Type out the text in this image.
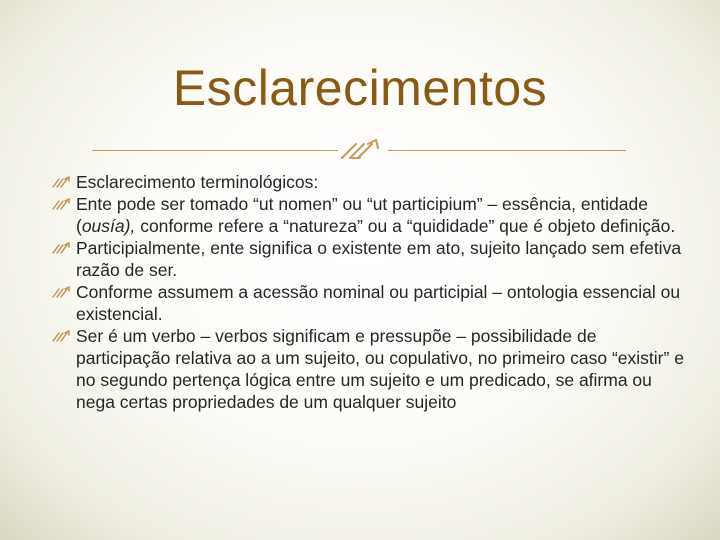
Esclarecimentos
Esclarecimento terminológicos:
Ente pode ser tomado “ut nomen” ou “ut participium” – essência, entidade (ousía), conforme refere a “natureza” ou a “quididade” que é objeto definição.
Participialmente, ente significa o existente em ato, sujeito lançado sem efetiva razão de ser.
Conforme assumem a acessão nominal ou participial – ontologia essencial ou existencial.
Ser é um verbo – verbos significam e pressupõe – possibilidade de participação relativa ao a um sujeito, ou copulativo, no primeiro caso “existir” e no segundo pertença lógica entre um sujeito e um predicado, se afirma ou nega certas propriedades de um qualquer sujeito
